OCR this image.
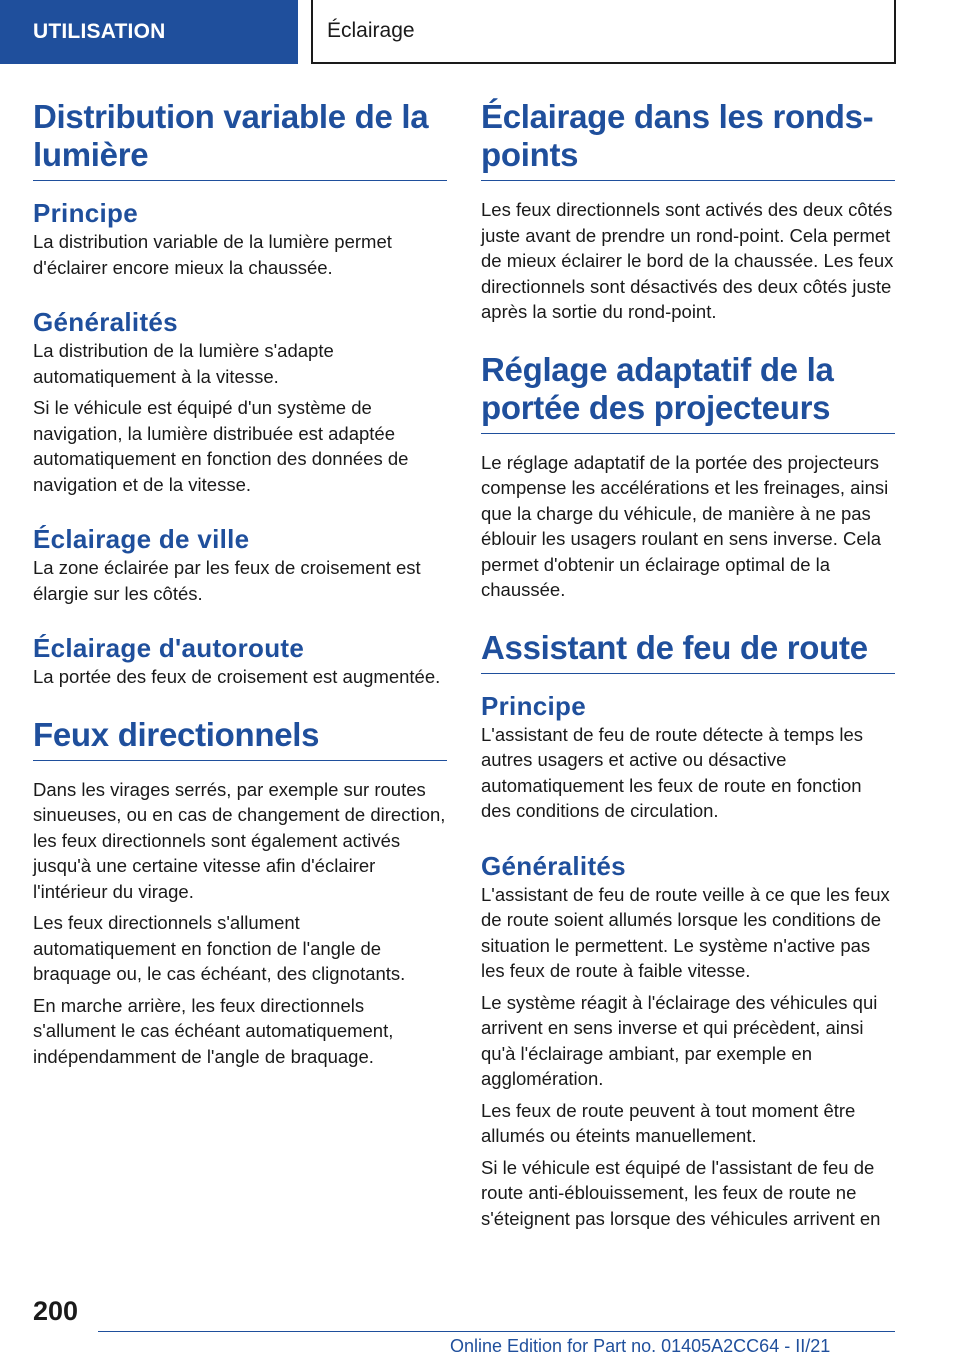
UTILISATION	Éclairage
Distribution variable de la lumière
Principe

La distribution variable de la lumière permet d'éclairer encore mieux la chaussée.

Généralités

La distribution de la lumière s'adapte automatiquement à la vitesse.

Si le véhicule est équipé d'un système de navigation, la lumière distribuée est adaptée automatiquement en fonction des données de navigation et de la vitesse.

Éclairage de ville

La zone éclairée par les feux de croisement est élargie sur les côtés.

Éclairage d'autoroute

La portée des feux de croisement est augmentée.

Feux directionnels

Dans les virages serrés, par exemple sur routes sinueuses, ou en cas de changement de direction, les feux directionnels sont également activés jusqu'à une certaine vitesse afin d'éclairer l'intérieur du virage.

Les feux directionnels s'allument automatiquement en fonction de l'angle de braquage ou, le cas échéant, des clignotants.

En marche arrière, les feux directionnels s'allument le cas échéant automatiquement, indépendamment de l'angle de braquage.

Éclairage dans les ronds-points

Les feux directionnels sont activés des deux côtés juste avant de prendre un rond-point. Cela permet de mieux éclairer le bord de la chaussée. Les feux directionnels sont désactivés des deux côtés juste après la sortie du rond-point.

Réglage adaptatif de la portée des projecteurs

Le réglage adaptatif de la portée des projecteurs compense les accélérations et les freinages, ainsi que la charge du véhicule, de manière à ne pas éblouir les usagers roulant en sens inverse. Cela permet d'obtenir un éclairage optimal de la chaussée.

Assistant de feu de route
Principe

L'assistant de feu de route détecte à temps les autres usagers et active ou désactive automatiquement les feux de route en fonction des conditions de circulation.

Généralités

L'assistant de feu de route veille à ce que les feux de route soient allumés lorsque les conditions de situation le permettent. Le système n'active pas les feux de route à faible vitesse.

Le système réagit à l'éclairage des véhicules qui arrivent en sens inverse et qui précèdent, ainsi qu'à l'éclairage ambiant, par exemple en agglomération.

Les feux de route peuvent à tout moment être allumés ou éteints manuellement.

Si le véhicule est équipé de l'assistant de feu de route anti-éblouissement, les feux de route ne s'éteignent pas lorsque des véhicules arrivent en

200
Online Edition for Part no. 01405A2CC64 - II/21
